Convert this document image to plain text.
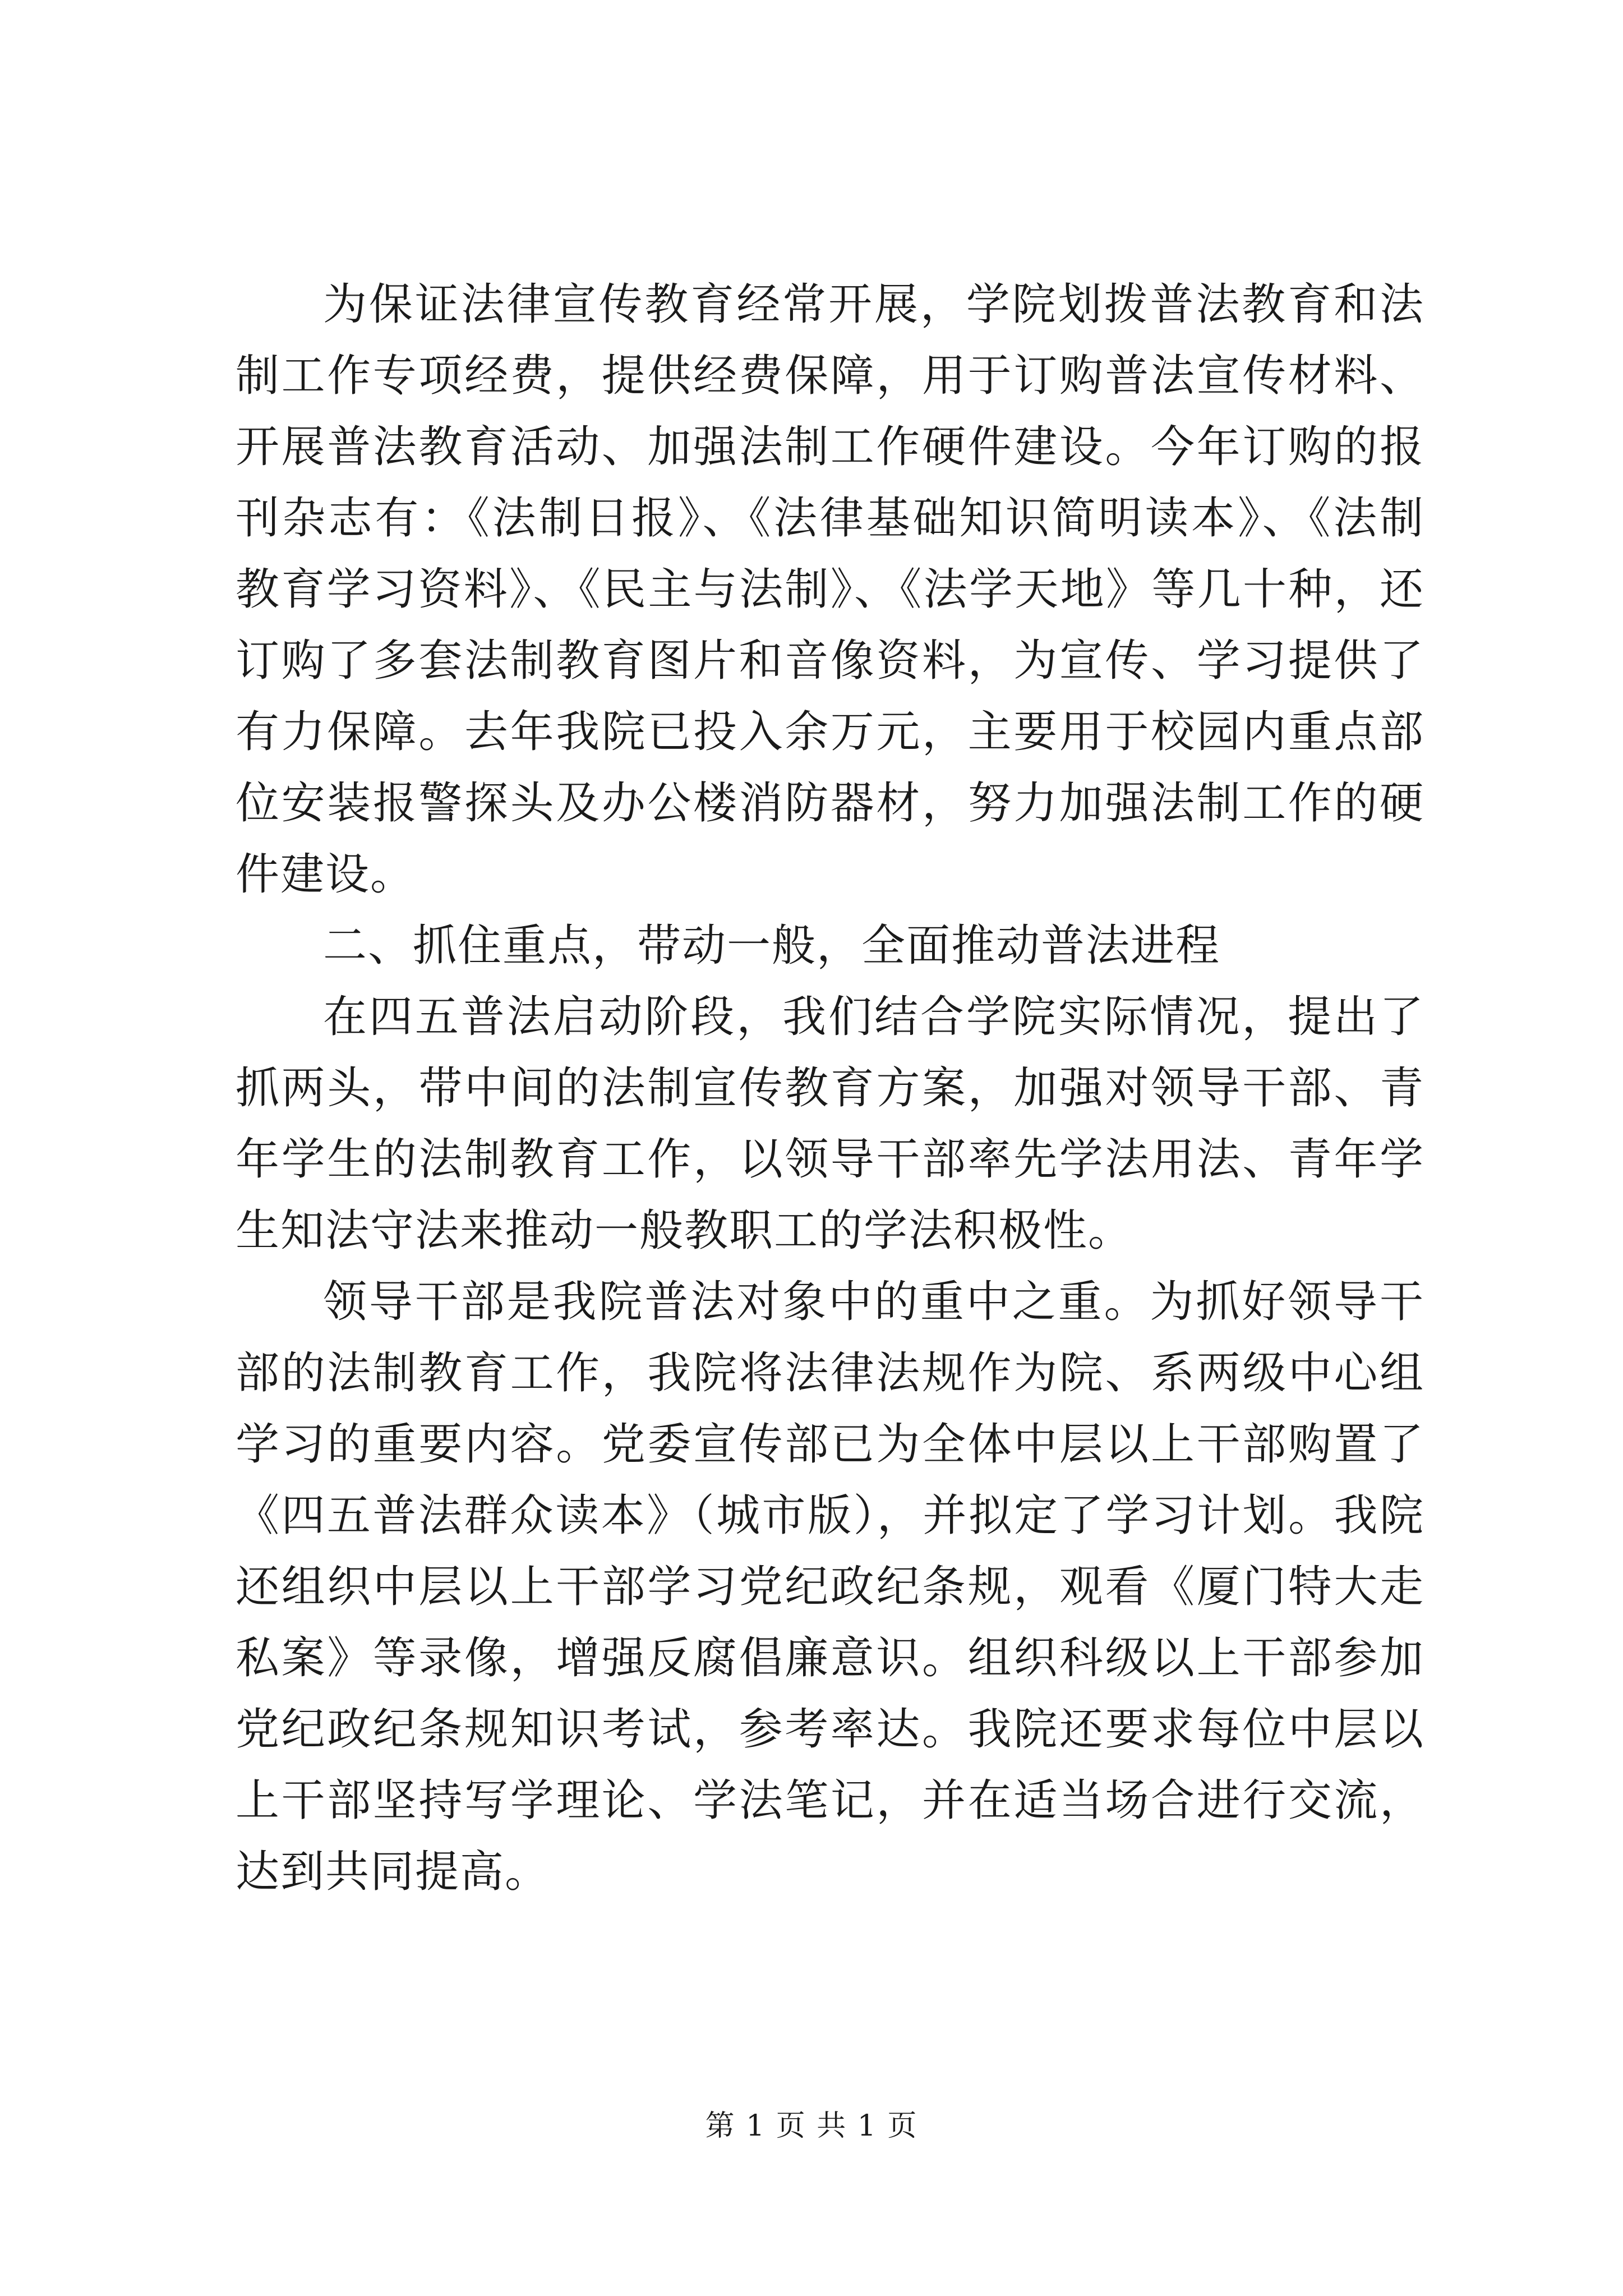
为保证法律宣传教育经常开展，学院划拨普法教育和法制工作专项经费，提供经费保障，用于订购普法宣传材料、开展普法教育活动、加强法制工作硬件建设。今年订购的报刊杂志有：《法制日报》、《法律基础知识简明读本》、《法制教育学习资料》、《民主与法制》、《法学天地》等几十种，还订购了多套法制教育图片和音像资料，为宣传、学习提供了有力保障。去年我院已投入余万元，主要用于校园内重点部位安装报警探头及办公楼消防器材，努力加强法制工作的硬件建设。

二、抓住重点，带动一般，全面推动普法进程

在四五普法启动阶段，我们结合学院实际情况，提出了抓两头，带中间的法制宣传教育方案，加强对领导干部、青年学生的法制教育工作，以领导干部率先学法用法、青年学生知法守法来推动一般教职工的学法积极性。

领导干部是我院普法对象中的重中之重。为抓好领导干部的法制教育工作，我院将法律法规作为院、系两级中心组学习的重要内容。党委宣传部已为全体中层以上干部购置了《四五普法群众读本》（城市版），并拟定了学习计划。我院还组织中层以上干部学习党纪政纪条规，观看《厦门特大走私案》等录像，增强反腐倡廉意识。组织科级以上干部参加党纪政纪条规知识考试，参考率达。我院还要求每位中层以上干部坚持写学理论、学法笔记，并在适当场合进行交流，达到共同提高。

第 1 页 共 1 页
